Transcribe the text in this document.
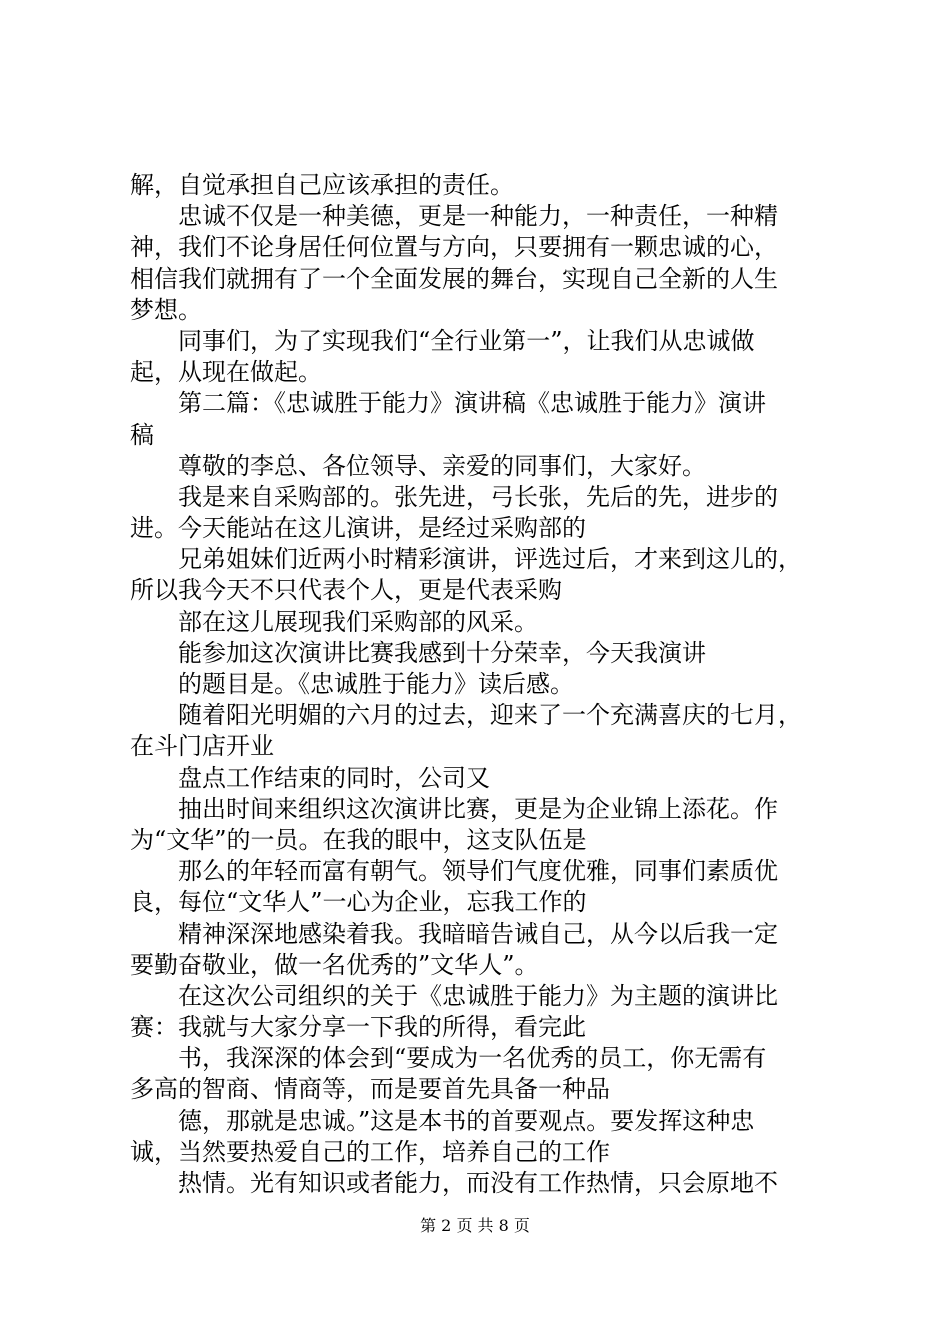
解，自觉承担自己应该承担的责任。
　　忠诚不仅是一种美德，更是一种能力，一种责任，一种精
神，我们不论身居任何位置与方向，只要拥有一颗忠诚的心，
相信我们就拥有了一个全面发展的舞台，实现自己全新的人生
梦想。
　　同事们，为了实现我们“全行业第一”，让我们从忠诚做
起，从现在做起。
　　第二篇：《忠诚胜于能力》演讲稿《忠诚胜于能力》演讲
稿
　　尊敬的李总、各位领导、亲爱的同事们，大家好。
　　我是来自采购部的。张先进，弓长张，先后的先，进步的
进。今天能站在这儿演讲，是经过采购部的
　　兄弟姐妹们近两小时精彩演讲，评选过后，才来到这儿的，
所以我今天不只代表个人，更是代表采购
　　部在这儿展现我们采购部的风采。
　　能参加这次演讲比赛我感到十分荣幸，今天我演讲
　　的题目是。《忠诚胜于能力》读后感。
　　随着阳光明媚的六月的过去，迎来了一个充满喜庆的七月，
在斗门店开业
　　盘点工作结束的同时，公司又
　　抽出时间来组织这次演讲比赛，更是为企业锦上添花。作
为“文华”的一员。在我的眼中，这支队伍是
　　那么的年轻而富有朝气。领导们气度优雅，同事们素质优
良，每位“文华人”一心为企业，忘我工作的
　　精神深深地感染着我。我暗暗告诫自己，从今以后我一定
要勤奋敬业，做一名优秀的”文华人”。
　　在这次公司组织的关于《忠诚胜于能力》为主题的演讲比
赛：我就与大家分享一下我的所得，看完此
　　书，我深深的体会到“要成为一名优秀的员工，你无需有
多高的智商、情商等，而是要首先具备一种品
　　德，那就是忠诚。”这是本书的首要观点。要发挥这种忠
诚，当然要热爱自己的工作，培养自己的工作
　　热情。光有知识或者能力，而没有工作热情，只会原地不
第 2 页 共 8 页
